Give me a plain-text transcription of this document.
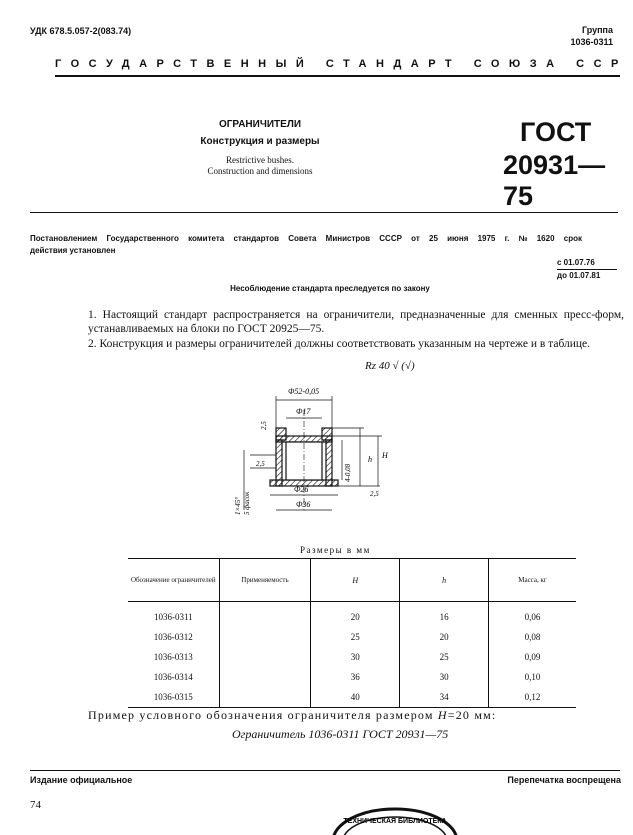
УДК 678.5.057-2(083.74)	Группа
1036-0311
ГОСУДАРСТВЕННЫЙ СТАНДАРТ СОЮЗА ССР
ОГРАНИЧИТЕЛИ
Конструкция и размеры
Restrictive bushes.
Construction and dimensions
ГОСТ
20931—75
Постановлением Государственного комитета стандартов Совета Министров СССР от 25 июня 1975 г. № 1620 срок
действия установлен
с 01.07.76
до 01.07.81
Несоблюдение стандарта преследуется по закону
1. Настоящий стандарт распространяется на ограничители, предназначенные для сменных пресс-форм, устанавливаемых на блоки по ГОСТ 20925—75.
2. Конструкция и размеры ограничителей должны соответствовать указанным на чертеже и в таблице.
Rz 40 √ (√)
Ф52-0,05
Ф17
Ф26
Ф36
4-0,08
h H
2,5
2,5
2,5
1×45° 5 фасок
Размеры в мм
Обозначение ограничителей	Применяемость	H	h	Масса, кг
1036-0311		20	16	0,06
1036-0312		25	20	0,08
1036-0313		30	25	0,09
1036-0314		36	30	0,10
1036-0315		40	34	0,12
Пример условного обозначения ограничителя размером H=20 мм:
Ограничитель 1036-0311 ГОСТ 20931—75
Издание официальное	Перепечатка воспрещена
74
ТЕХНИЧЕСКАЯ БИБЛИОТЕКА
